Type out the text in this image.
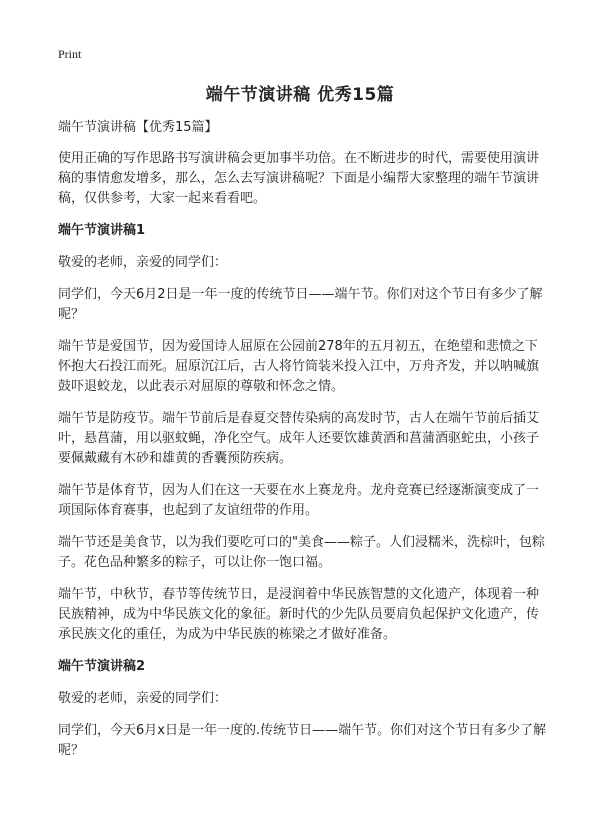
Print
端午节演讲稿 优秀15篇
端午节演讲稿【优秀15篇】
使用正确的写作思路书写演讲稿会更加事半功倍。在不断进步的时代，需要使用演讲稿的事情愈发增多，那么，怎么去写演讲稿呢？下面是小编帮大家整理的端午节演讲稿，仅供参考，大家一起来看看吧。
端午节演讲稿1
敬爱的老师，亲爱的同学们：
同学们，今天6月2日是一年一度的传统节日——端午节。你们对这个节日有多少了解呢？
端午节是爱国节，因为爱国诗人屈原在公园前278年的五月初五，在绝望和悲愤之下怀抱大石投江而死。屈原沉江后，古人将竹筒装米投入江中，万舟齐发，并以呐喊旗鼓吓退蛟龙，以此表示对屈原的尊敬和怀念之情。
端午节是防疫节。端午节前后是春夏交替传染病的高发时节，古人在端午节前后插艾叶，悬菖蒲，用以驱蚊蝇，净化空气。成年人还要饮雄黄酒和菖蒲酒驱蛇虫，小孩子要佩戴藏有木砂和雄黄的香囊预防疾病。
端午节是体育节，因为人们在这一天要在水上赛龙舟。龙舟竞赛已经逐渐演变成了一项国际体育赛事，也起到了友谊纽带的作用。
端午节还是美食节，以为我们要吃可口的"美食——粽子。人们浸糯米，洗棕叶，包粽子。花色品种繁多的粽子，可以让你一饱口福。
端午节，中秋节，春节等传统节日，是浸润着中华民族智慧的文化遗产，体现着一种民族精神，成为中华民族文化的象征。新时代的少先队员要肩负起保护文化遗产，传承民族文化的重任，为成为中华民族的栋梁之才做好准备。
端午节演讲稿2
敬爱的老师，亲爱的同学们：
同学们，今天6月x日是一年一度的.传统节日——端午节。你们对这个节日有多少了解呢？
